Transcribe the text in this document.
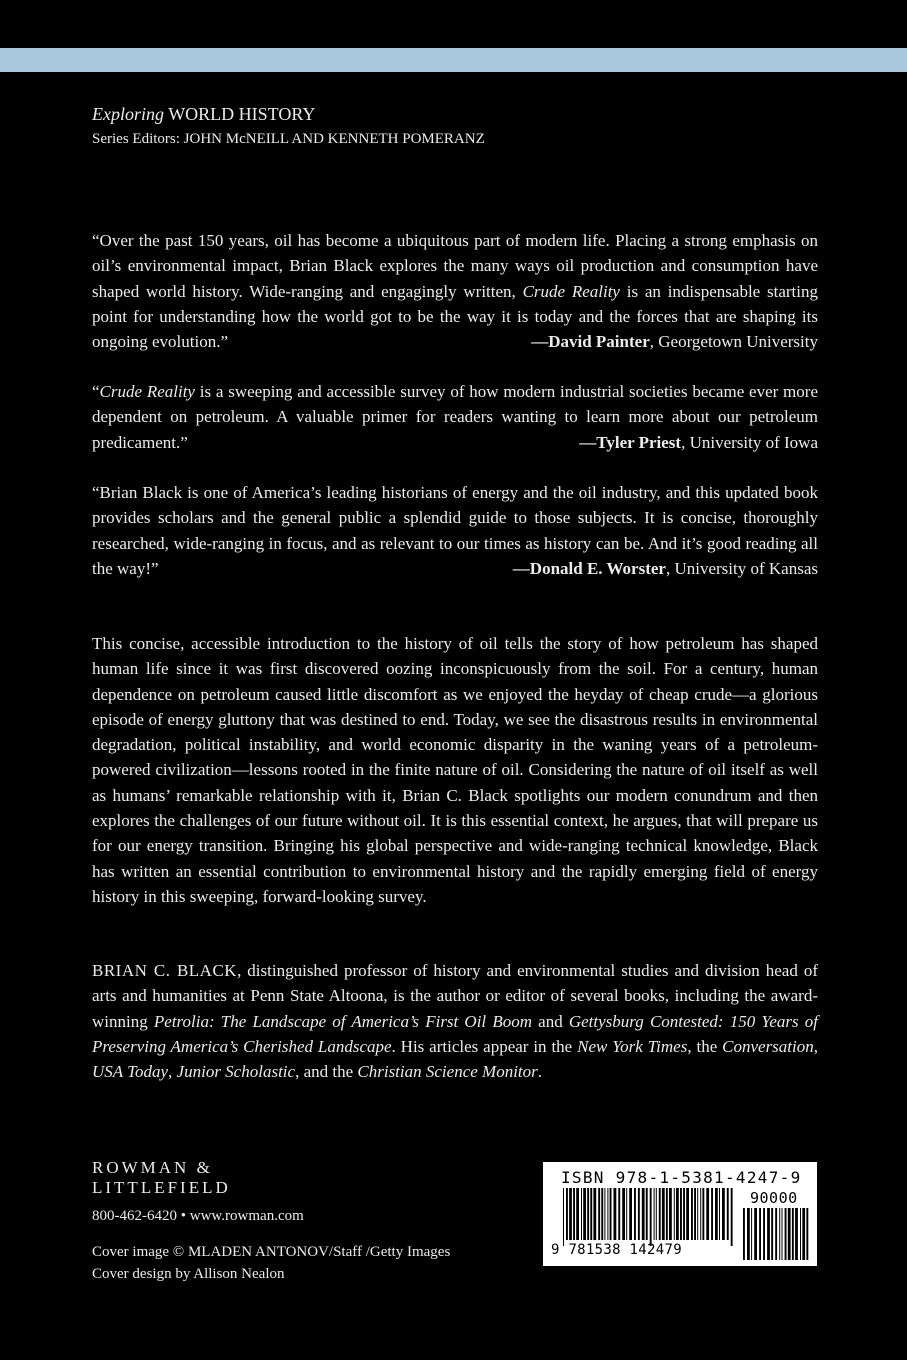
Exploring WORLD HISTORY
Series Editors: JOHN McNEILL AND KENNETH POMERANZ
“Over the past 150 years, oil has become a ubiquitous part of modern life. Placing a strong emphasis on oil’s environmental impact, Brian Black explores the many ways oil production and consumption have shaped world history. Wide-ranging and engagingly written, Crude Reality is an indispensable starting point for understanding how the world got to be the way it is today and the forces that are shaping its ongoing evolution.”	—David Painter, Georgetown University
“Crude Reality is a sweeping and accessible survey of how modern industrial societies became ever more dependent on petroleum. A valuable primer for readers wanting to learn more about our petroleum predicament.”	—Tyler Priest, University of Iowa
“Brian Black is one of America’s leading historians of energy and the oil industry, and this updated book provides scholars and the general public a splendid guide to those subjects. It is concise, thoroughly researched, wide-ranging in focus, and as relevant to our times as history can be. And it’s good reading all the way!”	—Donald E. Worster, University of Kansas
This concise, accessible introduction to the history of oil tells the story of how petroleum has shaped human life since it was first discovered oozing inconspicuously from the soil. For a century, human dependence on petroleum caused little discomfort as we enjoyed the heyday of cheap crude—a glorious episode of energy gluttony that was destined to end. Today, we see the disastrous results in environmental degradation, political instability, and world economic disparity in the waning years of a petroleum-powered civilization—lessons rooted in the finite nature of oil. Considering the nature of oil itself as well as humans’ remarkable relationship with it, Brian C. Black spotlights our modern conundrum and then explores the challenges of our future without oil. It is this essential context, he argues, that will prepare us for our energy transition. Bringing his global perspective and wide-ranging technical knowledge, Black has written an essential contribution to environmental history and the rapidly emerging field of energy history in this sweeping, forward-looking survey.
BRIAN C. BLACK, distinguished professor of history and environmental studies and division head of arts and humanities at Penn State Altoona, is the author or editor of several books, including the award-winning Petrolia: The Landscape of America’s First Oil Boom and Gettysburg Contested: 150 Years of Preserving America’s Cherished Landscape. His articles appear in the New York Times, the Conversation, USA Today, Junior Scholastic, and the Christian Science Monitor.
ROWMAN &
LITTLEFIELD
800-462-6420 • www.rowman.com
Cover image © MLADEN ANTONOV/Staff /Getty Images
Cover design by Allison Nealon
ISBN 978-1-5381-4247-9
90000
9 781538 142479
